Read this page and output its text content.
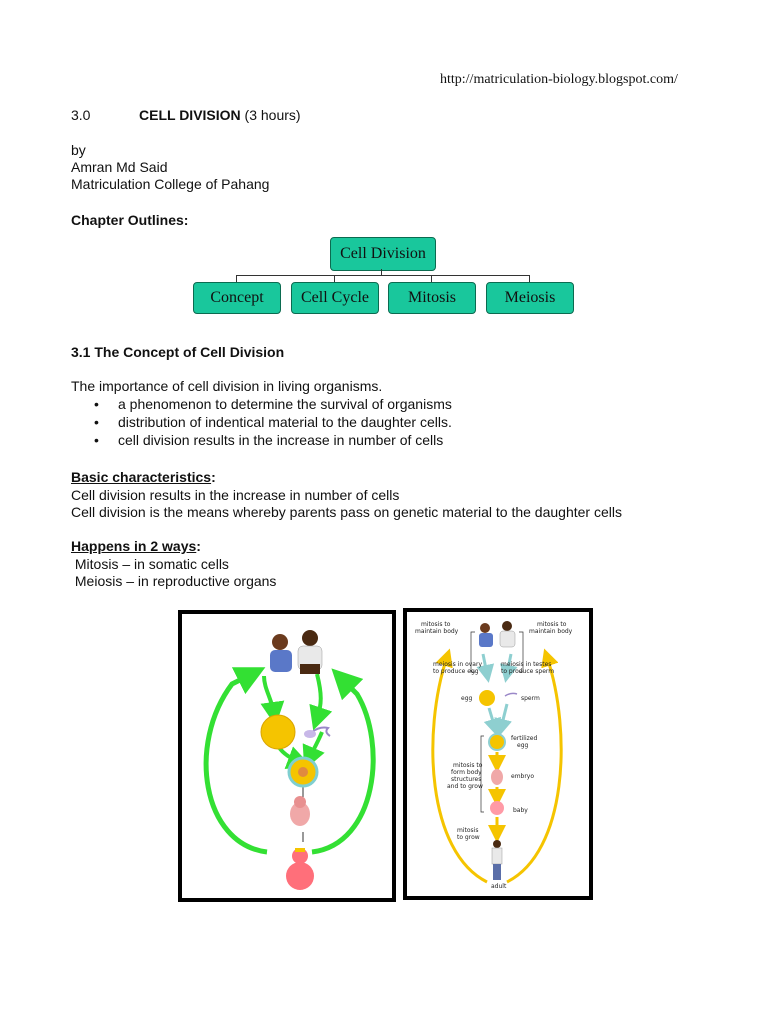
http://matriculation-biology.blogspot.com/
3.0	CELL DIVISION (3 hours)
by
Amran Md Said
Matriculation College of Pahang
Chapter Outlines:
Cell Division
Concept	Cell Cycle	Mitosis	Meiosis
3.1 The Concept of Cell Division
The importance of cell division in living organisms.
• a phenomenon to determine the survival of organisms
• distribution of indentical material to the daughter cells.
• cell division results in the increase in number of cells
Basic characteristics:
Cell division results in the increase in number of cells
Cell division is the means whereby parents pass on genetic material to the daughter cells
Happens in 2 ways:
Mitosis – in somatic cells
Meiosis – in reproductive organs
mitosis to maintain body
mitosis to maintain body
meiosis in ovary to produce egg
meiosis in testes to produce sperm
egg	sperm
fertilized egg
mitosis to form body structures and to grow
embryo
baby
mitosis to grow
adult
